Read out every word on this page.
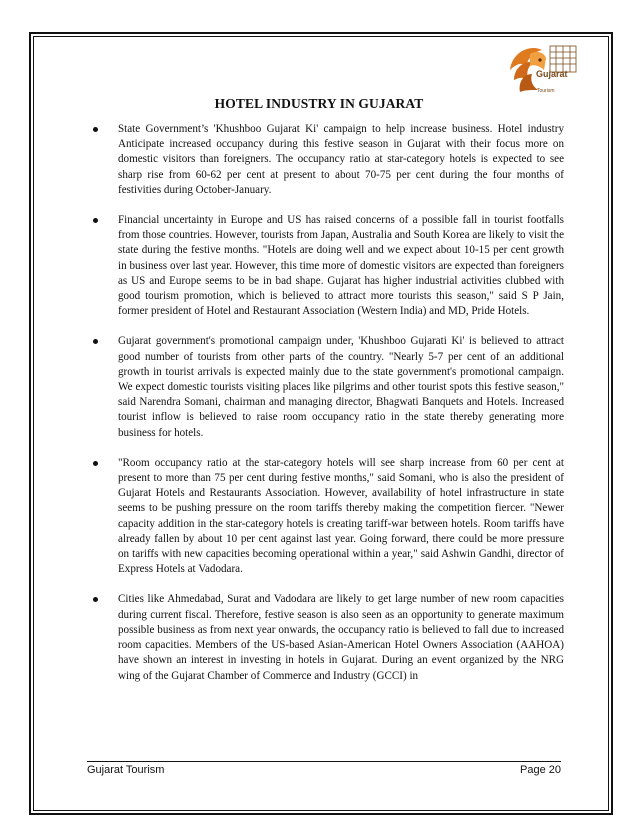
Gujarat
Tourism
HOTEL INDUSTRY IN GUJARAT
State Government’s 'Khushboo Gujarat Ki' campaign to help increase business. Hotel industry Anticipate increased occupancy during this festive season in Gujarat with their focus more on domestic visitors than foreigners. The occupancy ratio at star-category hotels is expected to see sharp rise from 60-62 per cent at present to about 70-75 per cent during the four months of festivities during October-January.
Financial uncertainty in Europe and US has raised concerns of a possible fall in tourist footfalls from those countries. However, tourists from Japan, Australia and South Korea are likely to visit the state during the festive months. "Hotels are doing well and we expect about 10-15 per cent growth in business over last year. However, this time more of domestic visitors are expected than foreigners as US and Europe seems to be in bad shape. Gujarat has higher industrial activities clubbed with good tourism promotion, which is believed to attract more tourists this season," said S P Jain, former president of Hotel and Restaurant Association (Western India) and MD, Pride Hotels.
Gujarat government's promotional campaign under, 'Khushboo Gujarati Ki' is believed to attract good number of tourists from other parts of the country. "Nearly 5-7 per cent of an additional growth in tourist arrivals is expected mainly due to the state government's promotional campaign. We expect domestic tourists visiting places like pilgrims and other tourist spots this festive season," said Narendra Somani, chairman and managing director, Bhagwati Banquets and Hotels. Increased tourist inflow is believed to raise room occupancy ratio in the state thereby generating more business for hotels.
"Room occupancy ratio at the star-category hotels will see sharp increase from 60 per cent at present to more than 75 per cent during festive months," said Somani, who is also the president of Gujarat Hotels and Restaurants Association. However, availability of hotel infrastructure in state seems to be pushing pressure on the room tariffs thereby making the competition fiercer. "Newer capacity addition in the star-category hotels is creating tariff-war between hotels. Room tariffs have already fallen by about 10 per cent against last year. Going forward, there could be more pressure on tariffs with new capacities becoming operational within a year," said Ashwin Gandhi, director of Express Hotels at Vadodara.
Cities like Ahmedabad, Surat and Vadodara are likely to get large number of new room capacities during current fiscal. Therefore, festive season is also seen as an opportunity to generate maximum possible business as from next year onwards, the occupancy ratio is believed to fall due to increased room capacities. Members of the US-based Asian-American Hotel Owners Association (AAHOA) have shown an interest in investing in hotels in Gujarat. During an event organized by the NRG wing of the Gujarat Chamber of Commerce and Industry (GCCI) in
Gujarat Tourism	Page 20
